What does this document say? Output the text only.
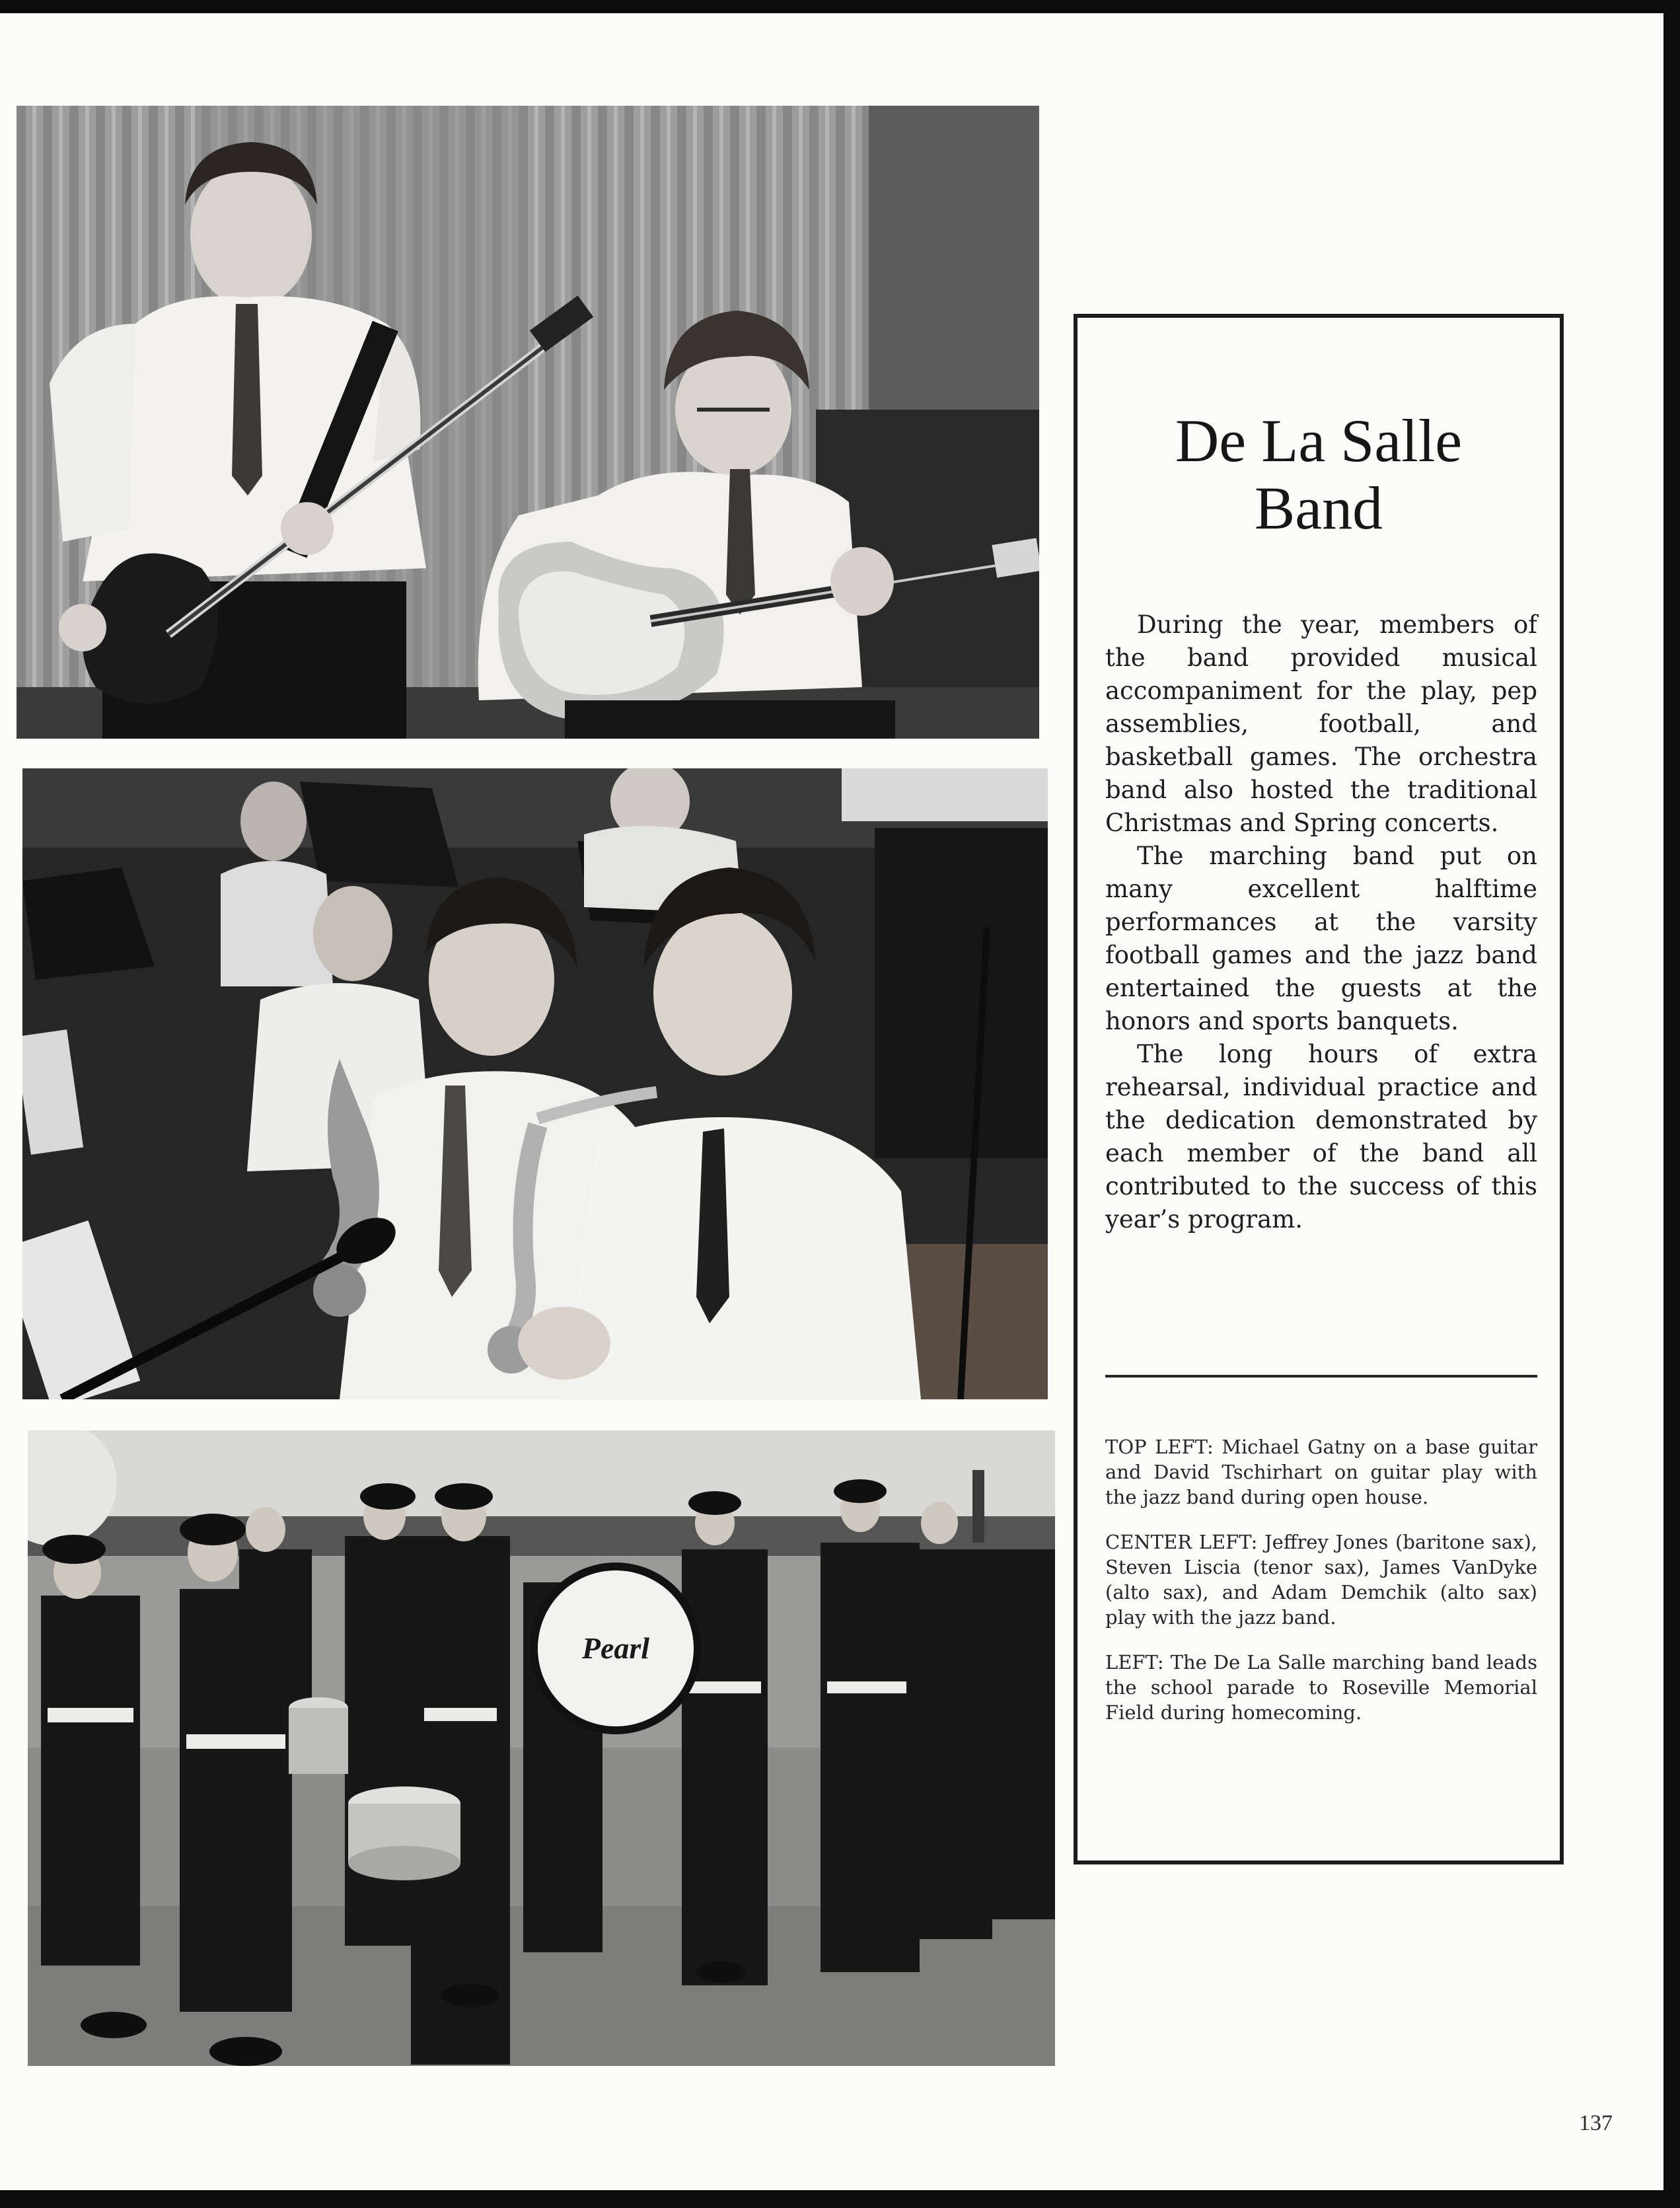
Pearl
De La Salle
Band

During the year, members of the band provided musical accompaniment for the play, pep assemblies, football, and basketball games. The orchestra band also hosted the traditional Christmas and Spring concerts.

The marching band put on many excellent halftime performances at the varsity football games and the jazz band entertained the guests at the honors and sports banquets.

The long hours of extra rehearsal, individual practice and the dedication demonstrated by each member of the band all contributed to the success of this year’s program.

TOP LEFT: Michael Gatny on a base guitar and David Tschirhart on guitar play with the jazz band during open house.

CENTER LEFT: Jeffrey Jones (baritone sax), Steven Liscia (tenor sax), James VanDyke (alto sax), and Adam Demchik (alto sax) play with the jazz band.

LEFT: The De La Salle marching band leads the school parade to Roseville Memorial Field during homecoming.

137
